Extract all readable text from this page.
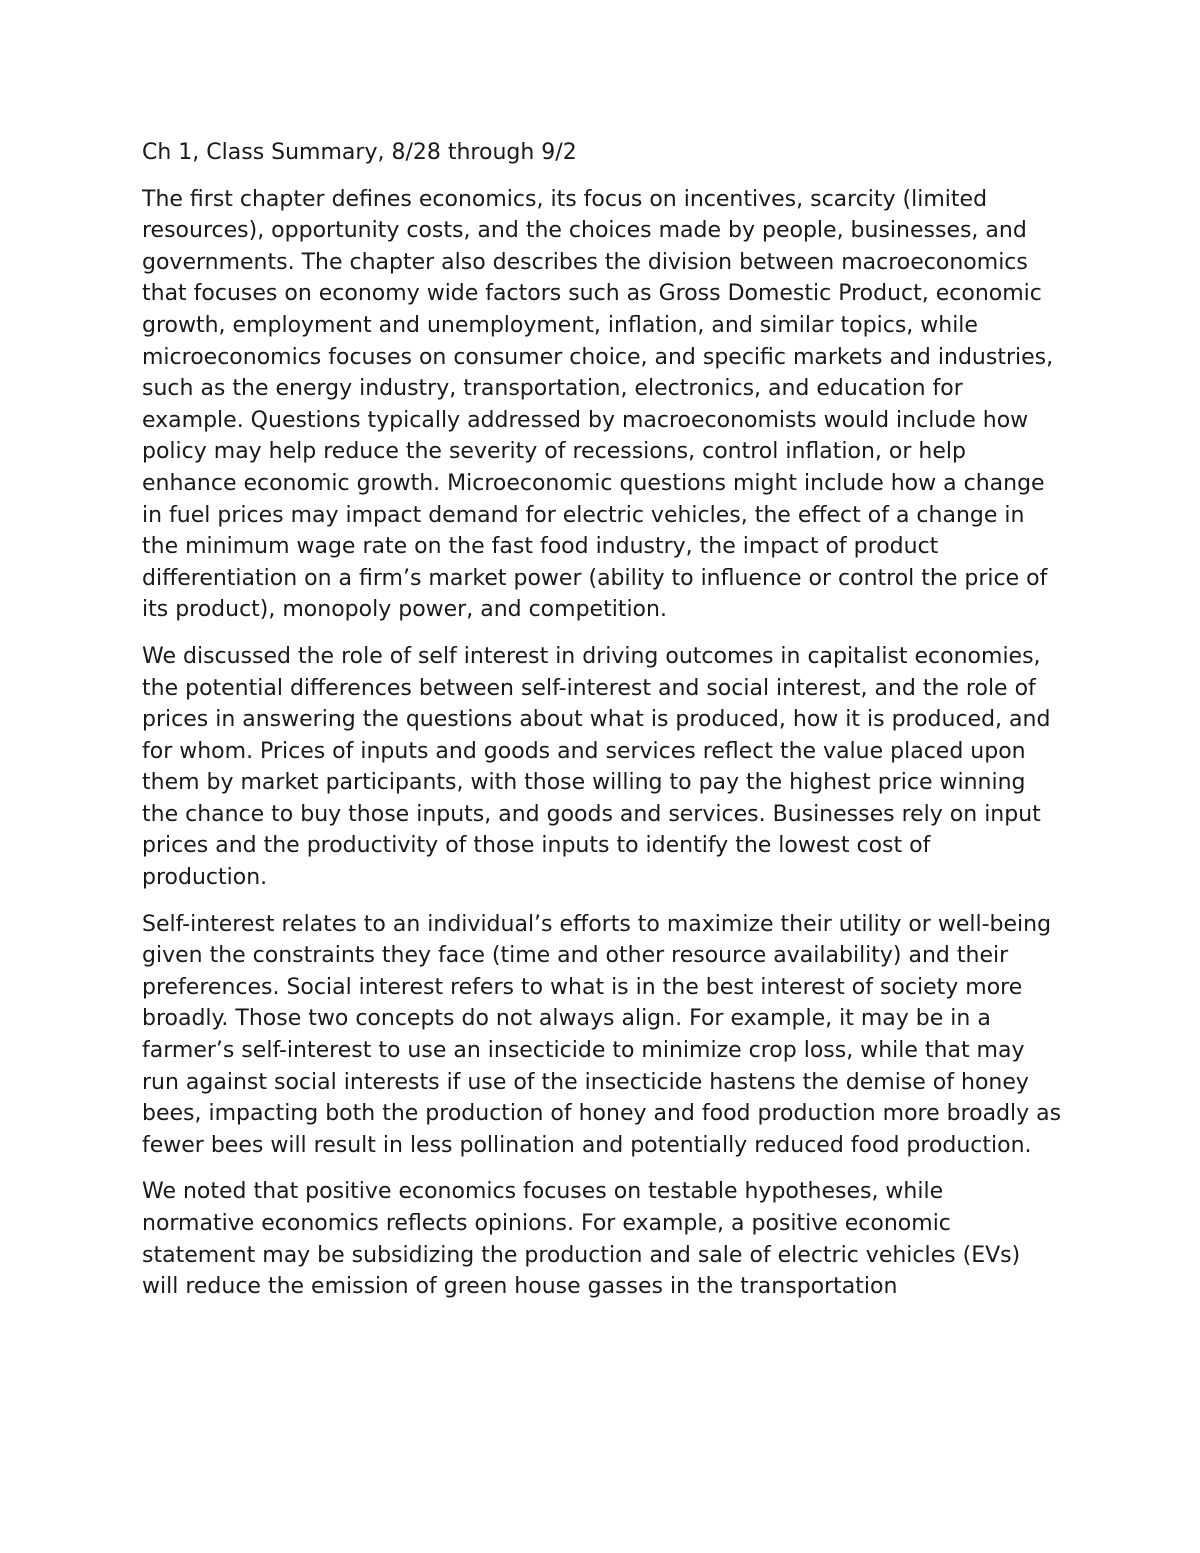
Ch 1, Class Summary, 8/28 through 9/2

The first chapter defines economics, its focus on incentives, scarcity (limited resources), opportunity costs, and the choices made by people, businesses, and governments. The chapter also describes the division between macroeconomics that focuses on economy wide factors such as Gross Domestic Product, economic growth, employment and unemployment, inflation, and similar topics, while microeconomics focuses on consumer choice, and specific markets and industries, such as the energy industry, transportation, electronics, and education for example. Questions typically addressed by macroeconomists would include how policy may help reduce the severity of recessions, control inflation, or help enhance economic growth. Microeconomic questions might include how a change in fuel prices may impact demand for electric vehicles, the effect of a change in the minimum wage rate on the fast food industry, the impact of product differentiation on a firm’s market power (ability to influence or control the price of its product), monopoly power, and competition.

We discussed the role of self interest in driving outcomes in capitalist economies, the potential differences between self-interest and social interest, and the role of prices in answering the questions about what is produced, how it is produced, and for whom. Prices of inputs and goods and services reflect the value placed upon them by market participants, with those willing to pay the highest price winning the chance to buy those inputs, and goods and services. Businesses rely on input prices and the productivity of those inputs to identify the lowest cost of production.

Self-interest relates to an individual’s efforts to maximize their utility or well-being given the constraints they face (time and other resource availability) and their preferences. Social interest refers to what is in the best interest of society more broadly. Those two concepts do not always align. For example, it may be in a farmer’s self-interest to use an insecticide to minimize crop loss, while that may run against social interests if use of the insecticide hastens the demise of honey bees, impacting both the production of honey and food production more broadly as fewer bees will result in less pollination and potentially reduced food production.

We noted that positive economics focuses on testable hypotheses, while normative economics reflects opinions. For example, a positive economic statement may be subsidizing the production and sale of electric vehicles (EVs) will reduce the emission of green house gasses in the transportation
